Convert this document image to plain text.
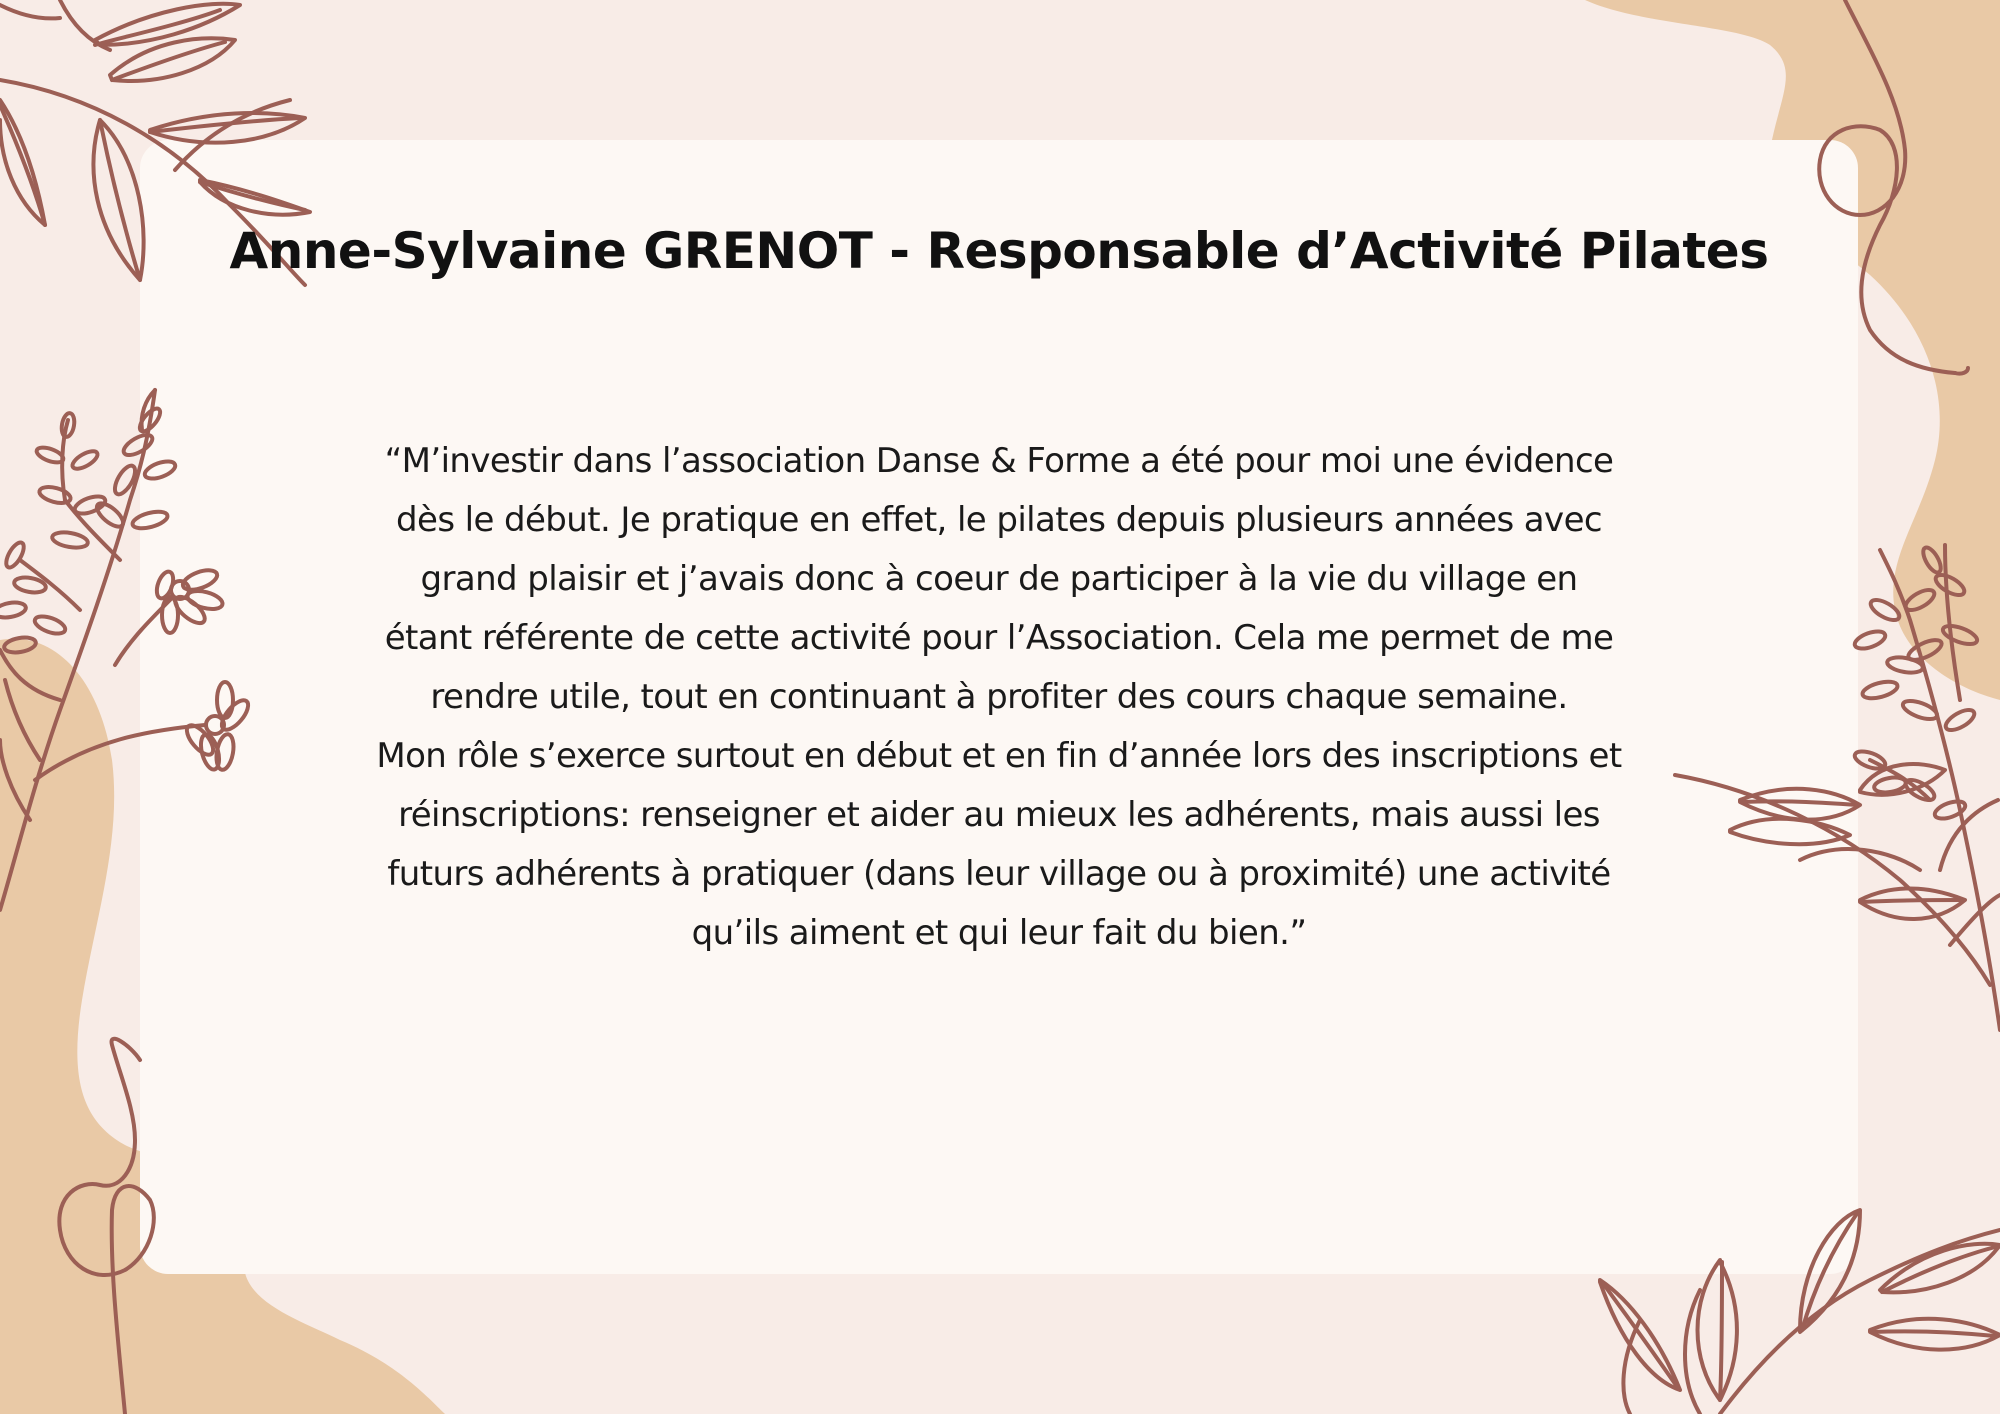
Anne-Sylvaine GRENOT - Responsable d’Activité Pilates

“M’investir dans l’association Danse & Forme a été pour moi une évidence
dès le début. Je pratique en effet, le pilates depuis plusieurs années avec
grand plaisir et j’avais donc à coeur de participer à la vie du village en
étant référente de cette activité pour l’Association. Cela me permet de me
rendre utile, tout en continuant à profiter des cours chaque semaine.
Mon rôle s’exerce surtout en début et en fin d’année lors des inscriptions et
réinscriptions: renseigner et aider au mieux les adhérents, mais aussi les
futurs adhérents à pratiquer (dans leur village ou à proximité) une activité
qu’ils aiment et qui leur fait du bien.”
